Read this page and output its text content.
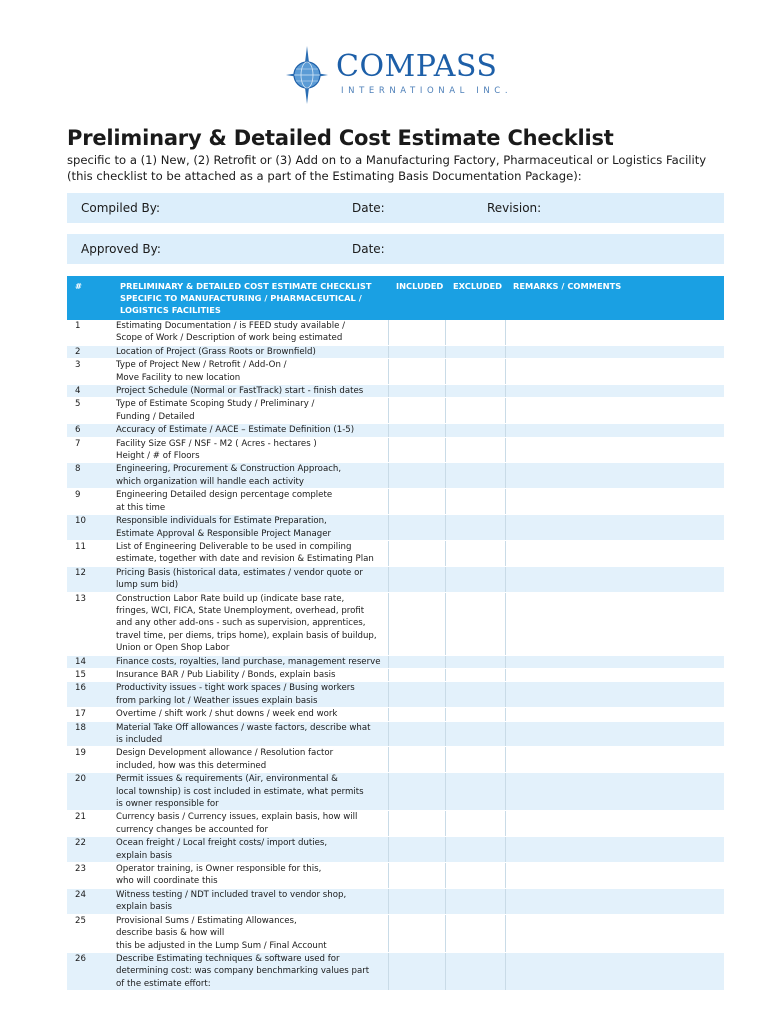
COMPASS
INTERNATIONAL INC.
Preliminary & Detailed Cost Estimate Checklist
specific to a (1) New, (2) Retrofit or (3) Add on to a Manufacturing Factory, Pharmaceutical or Logistics Facility
(this checklist to be attached as a part of the Estimating Basis Documentation Package):
Compiled By:	Date:	Revision:
Approved By:	Date:
#	PRELIMINARY & DETAILED COST ESTIMATE CHECKLIST SPECIFIC TO MANUFACTURING / PHARMACEUTICAL / LOGISTICS FACILITIES	INCLUDED	EXCLUDED	REMARKS / COMMENTS
1	Estimating Documentation / is FEED study available /
Scope of Work / Description of work being estimated			

2	Location of Project (Grass Roots or Brownfield)			

3	Type of Project New / Retrofit / Add-On /
Move Facility to new location			

4	Project Schedule (Normal or FastTrack) start - finish dates			

5	Type of Estimate Scoping Study / Preliminary /
Funding / Detailed			

6	Accuracy of Estimate / AACE – Estimate Definition (1-5)			

7	Facility Size GSF / NSF - M2 ( Acres - hectares )
Height / # of Floors			

8	Engineering, Procurement & Construction Approach,
which organization will handle each activity			

9	Engineering Detailed design percentage complete
at this time			

10	Responsible individuals for Estimate Preparation,
Estimate Approval & Responsible Project Manager			

11	List of Engineering Deliverable to be used in compiling
estimate, together with date and revision & Estimating Plan			

12	Pricing Basis (historical data, estimates / vendor quote or
lump sum bid)			

13	Construction Labor Rate build up (indicate base rate,
fringes, WCI, FICA, State Unemployment, overhead, profit
and any other add-ons - such as supervision, apprentices,
travel time, per diems, trips home), explain basis of buildup,
Union or Open Shop Labor			

14	Finance costs, royalties, land purchase, management reserve			

15	Insurance BAR / Pub Liability / Bonds, explain basis			

16	Productivity issues - tight work spaces / Busing workers
from parking lot / Weather issues explain basis			

17	Overtime / shift work / shut downs / week end work			

18	Material Take Off allowances / waste factors, describe what
is included			

19	Design Development allowance / Resolution factor
included, how was this determined			

20	Permit issues & requirements (Air, environmental &
local township) is cost included in estimate, what permits
is owner responsible for			

21	Currency basis / Currency issues, explain basis, how will
currency changes be accounted for			

22	Ocean freight / Local freight costs/ import duties,
explain basis			

23	Operator training, is Owner responsible for this,
who will coordinate this			

24	Witness testing / NDT included travel to vendor shop,
explain basis			

25	Provisional Sums / Estimating Allowances,
describe basis & how will
this be adjusted in the Lump Sum / Final Account			

26	Describe Estimating techniques & software used for
determining cost: was company benchmarking values part
of the estimate effort:			
